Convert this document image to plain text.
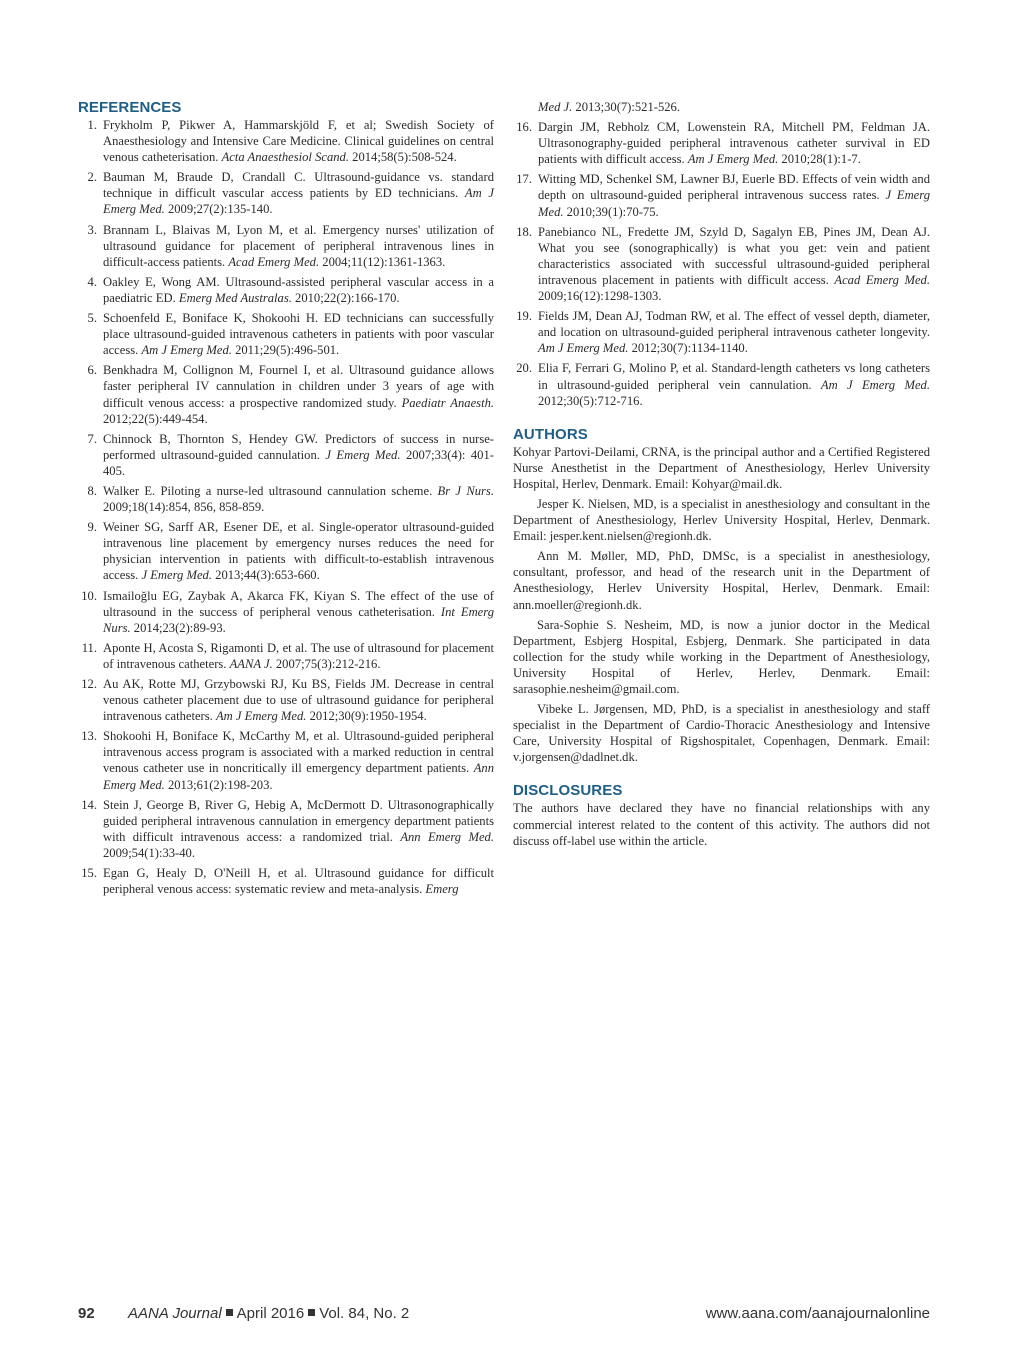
REFERENCES
1. Frykholm P, Pikwer A, Hammarskjöld F, et al; Swedish Society of Anaesthesiology and Intensive Care Medicine. Clinical guidelines on central venous catheterisation. Acta Anaesthesiol Scand. 2014;58(5):508-524.
2. Bauman M, Braude D, Crandall C. Ultrasound-guidance vs. standard technique in difficult vascular access patients by ED technicians. Am J Emerg Med. 2009;27(2):135-140.
3. Brannam L, Blaivas M, Lyon M, et al. Emergency nurses' utilization of ultrasound guidance for placement of peripheral intravenous lines in difficult-access patients. Acad Emerg Med. 2004;11(12):1361-1363.
4. Oakley E, Wong AM. Ultrasound-assisted peripheral vascular access in a paediatric ED. Emerg Med Australas. 2010;22(2):166-170.
5. Schoenfeld E, Boniface K, Shokoohi H. ED technicians can successfully place ultrasound-guided intravenous catheters in patients with poor vascular access. Am J Emerg Med. 2011;29(5):496-501.
6. Benkhadra M, Collignon M, Fournel I, et al. Ultrasound guidance allows faster peripheral IV cannulation in children under 3 years of age with difficult venous access: a prospective randomized study. Paediatr Anaesth. 2012;22(5):449-454.
7. Chinnock B, Thornton S, Hendey GW. Predictors of success in nurse-performed ultrasound-guided cannulation. J Emerg Med. 2007;33(4): 401-405.
8. Walker E. Piloting a nurse-led ultrasound cannulation scheme. Br J Nurs. 2009;18(14):854, 856, 858-859.
9. Weiner SG, Sarff AR, Esener DE, et al. Single-operator ultrasound-guided intravenous line placement by emergency nurses reduces the need for physician intervention in patients with difficult-to-establish intravenous access. J Emerg Med. 2013;44(3):653-660.
10. Ismailoğlu EG, Zaybak A, Akarca FK, Kiyan S. The effect of the use of ultrasound in the success of peripheral venous catheterisation. Int Emerg Nurs. 2014;23(2):89-93.
11. Aponte H, Acosta S, Rigamonti D, et al. The use of ultrasound for placement of intravenous catheters. AANA J. 2007;75(3):212-216.
12. Au AK, Rotte MJ, Grzybowski RJ, Ku BS, Fields JM. Decrease in central venous catheter placement due to use of ultrasound guidance for peripheral intravenous catheters. Am J Emerg Med. 2012;30(9):1950-1954.
13. Shokoohi H, Boniface K, McCarthy M, et al. Ultrasound-guided peripheral intravenous access program is associated with a marked reduction in central venous catheter use in noncritically ill emergency department patients. Ann Emerg Med. 2013;61(2):198-203.
14. Stein J, George B, River G, Hebig A, McDermott D. Ultrasonographically guided peripheral intravenous cannulation in emergency department patients with difficult intravenous access: a randomized trial. Ann Emerg Med. 2009;54(1):33-40.
15. Egan G, Healy D, O'Neill H, et al. Ultrasound guidance for difficult peripheral venous access: systematic review and meta-analysis. Emerg
Med J. 2013;30(7):521-526.
16. Dargin JM, Rebholz CM, Lowenstein RA, Mitchell PM, Feldman JA. Ultrasonography-guided peripheral intravenous catheter survival in ED patients with difficult access. Am J Emerg Med. 2010;28(1):1-7.
17. Witting MD, Schenkel SM, Lawner BJ, Euerle BD. Effects of vein width and depth on ultrasound-guided peripheral intravenous success rates. J Emerg Med. 2010;39(1):70-75.
18. Panebianco NL, Fredette JM, Szyld D, Sagalyn EB, Pines JM, Dean AJ. What you see (sonographically) is what you get: vein and patient characteristics associated with successful ultrasound-guided peripheral intravenous placement in patients with difficult access. Acad Emerg Med. 2009;16(12):1298-1303.
19. Fields JM, Dean AJ, Todman RW, et al. The effect of vessel depth, diameter, and location on ultrasound-guided peripheral intravenous catheter longevity. Am J Emerg Med. 2012;30(7):1134-1140.
20. Elia F, Ferrari G, Molino P, et al. Standard-length catheters vs long catheters in ultrasound-guided peripheral vein cannulation. Am J Emerg Med. 2012;30(5):712-716.
AUTHORS

Kohyar Partovi-Deilami, CRNA, is the principal author and a Certified Registered Nurse Anesthetist in the Department of Anesthesiology, Herlev University Hospital, Herlev, Denmark. Email: Kohyar@mail.dk.

Jesper K. Nielsen, MD, is a specialist in anesthesiology and consultant in the Department of Anesthesiology, Herlev University Hospital, Herlev, Denmark. Email: jesper.kent.nielsen@regionh.dk.

Ann M. Møller, MD, PhD, DMSc, is a specialist in anesthesiology, consultant, professor, and head of the research unit in the Department of Anesthesiology, Herlev University Hospital, Herlev, Denmark. Email: ann.moeller@regionh.dk.

Sara-Sophie S. Nesheim, MD, is now a junior doctor in the Medical Department, Esbjerg Hospital, Esbjerg, Denmark. She participated in data collection for the study while working in the Department of Anesthesiology, University Hospital of Herlev, Herlev, Denmark. Email: sarasophie.nesheim@gmail.com.

Vibeke L. Jørgensen, MD, PhD, is a specialist in anesthesiology and staff specialist in the Department of Cardio-Thoracic Anesthesiology and Intensive Care, University Hospital of Rigshospitalet, Copenhagen, Denmark. Email: v.jorgensen@dadlnet.dk.

DISCLOSURES

The authors have declared they have no financial relationships with any commercial interest related to the content of this activity. The authors did not discuss off-label use within the article.

92 AANA Journal April 2016 Vol. 84, No. 2	www.aana.com/aanajournalonline
